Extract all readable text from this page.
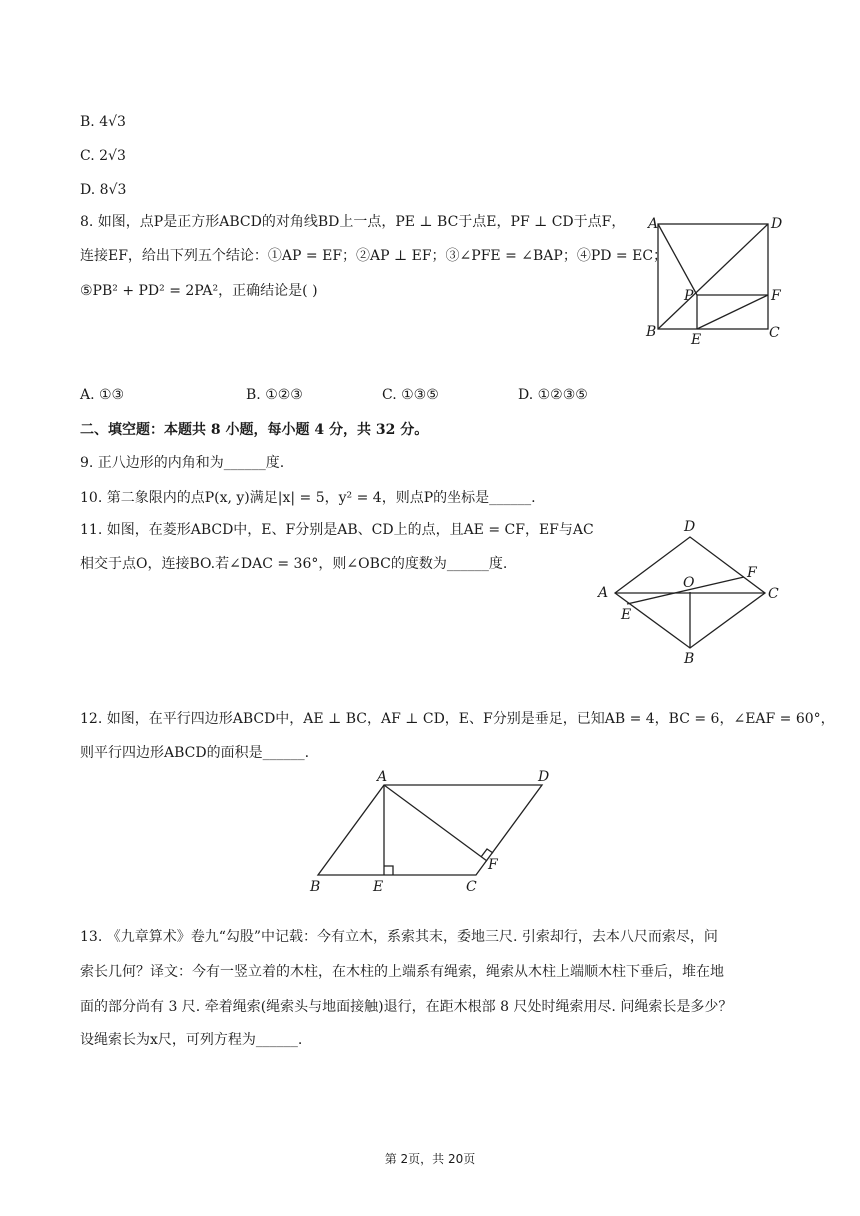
B. 4√3
C. 2√3
D. 8√3
8. 如图，点P是正方形ABCD的对角线BD上一点，PE ⊥ BC于点E，PF ⊥ CD于点F，
连接EF，给出下列五个结论：①AP = EF；②AP ⊥ EF；③∠PFE = ∠BAP；④PD = EC；
⑤PB² + PD² = 2PA²，正确结论是( )
A	D
P	F
B E	C
A. ①③	B. ①②③	C. ①③⑤	D. ①②③⑤
二、填空题：本题共 8 小题，每小题 4 分，共 32 分。
9. 正八边形的内角和为______度.
10. 第二象限内的点P(x, y)满足|x| = 5，y² = 4，则点P的坐标是______.
11. 如图，在菱形ABCD中，E、F分别是AB、CD上的点，且AE = CF，EF与AC
相交于点O，连接BO.若∠DAC = 36°，则∠OBC的度数为______度.
D
A	C
O
F
E
B
12. 如图，在平行四边形ABCD中，AE ⊥ BC，AF ⊥ CD，E、F分别是垂足，已知AB = 4，BC = 6，∠EAF = 60°，
则平行四边形ABCD的面积是______.
A	D
F
B	E	C
13. 《九章算术》卷九“勾股”中记载：今有立木，系索其末，委地三尺. 引索却行，去本八尺而索尽，问
索长几何？译文：今有一竖立着的木柱，在木柱的上端系有绳索，绳索从木柱上端顺木柱下垂后，堆在地
面的部分尚有 3 尺. 牵着绳索(绳索头与地面接触)退行，在距木根部 8 尺处时绳索用尽. 问绳索长是多少？
设绳索长为x尺，可列方程为______.
第 2页，共 20页
